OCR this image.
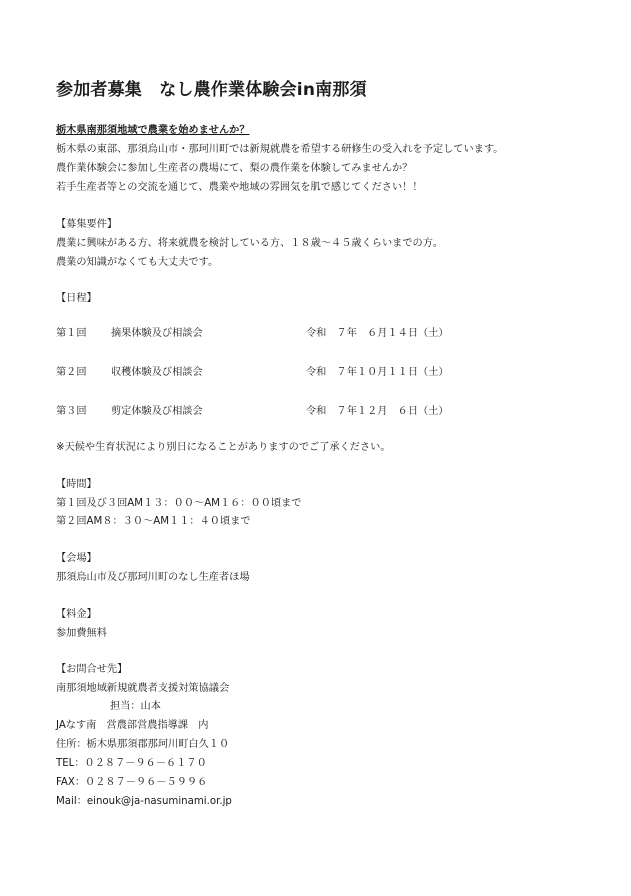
参加者募集　なし農作業体験会in南那須
栃木県南那須地域で農業を始めませんか？
栃木県の東部、那須烏山市・那珂川町では新規就農を希望する研修生の受入れを予定しています。
農作業体験会に参加し生産者の農場にて、梨の農作業を体験してみませんか？
若手生産者等との交流を通じて、農業や地域の雰囲気を肌で感じてください！！
【募集要件】
農業に興味がある方、将来就農を検討している方、１８歳～４５歳くらいまでの方。
農業の知識がなくても大丈夫です。
【日程】
第１回 摘果体験及び相談会	令和　７年　６月１４日（土）
第２回 収穫体験及び相談会	令和　７年１０月１１日（土）
第３回 剪定体験及び相談会	令和　７年１２月　６日（土）
※天候や生育状況により別日になることがありますのでご了承ください。
【時間】
第１回及び３回AM１３：００～AM１６：００頃まで
第２回AM８：３０～AM１１：４０頃まで
【会場】
那須烏山市及び那珂川町のなし生産者ほ場
【料金】
参加費無料
【お問合せ先】
南那須地域新規就農者支援対策協議会
担当：山本
JAなす南　営農部営農指導課　内
住所：栃木県那須郡那珂川町白久１０
TEL：０２８７－９６－６１７０
FAX：０２８７－９６－５９９６
Mail：einouk@ja-nasuminami.or.jp
